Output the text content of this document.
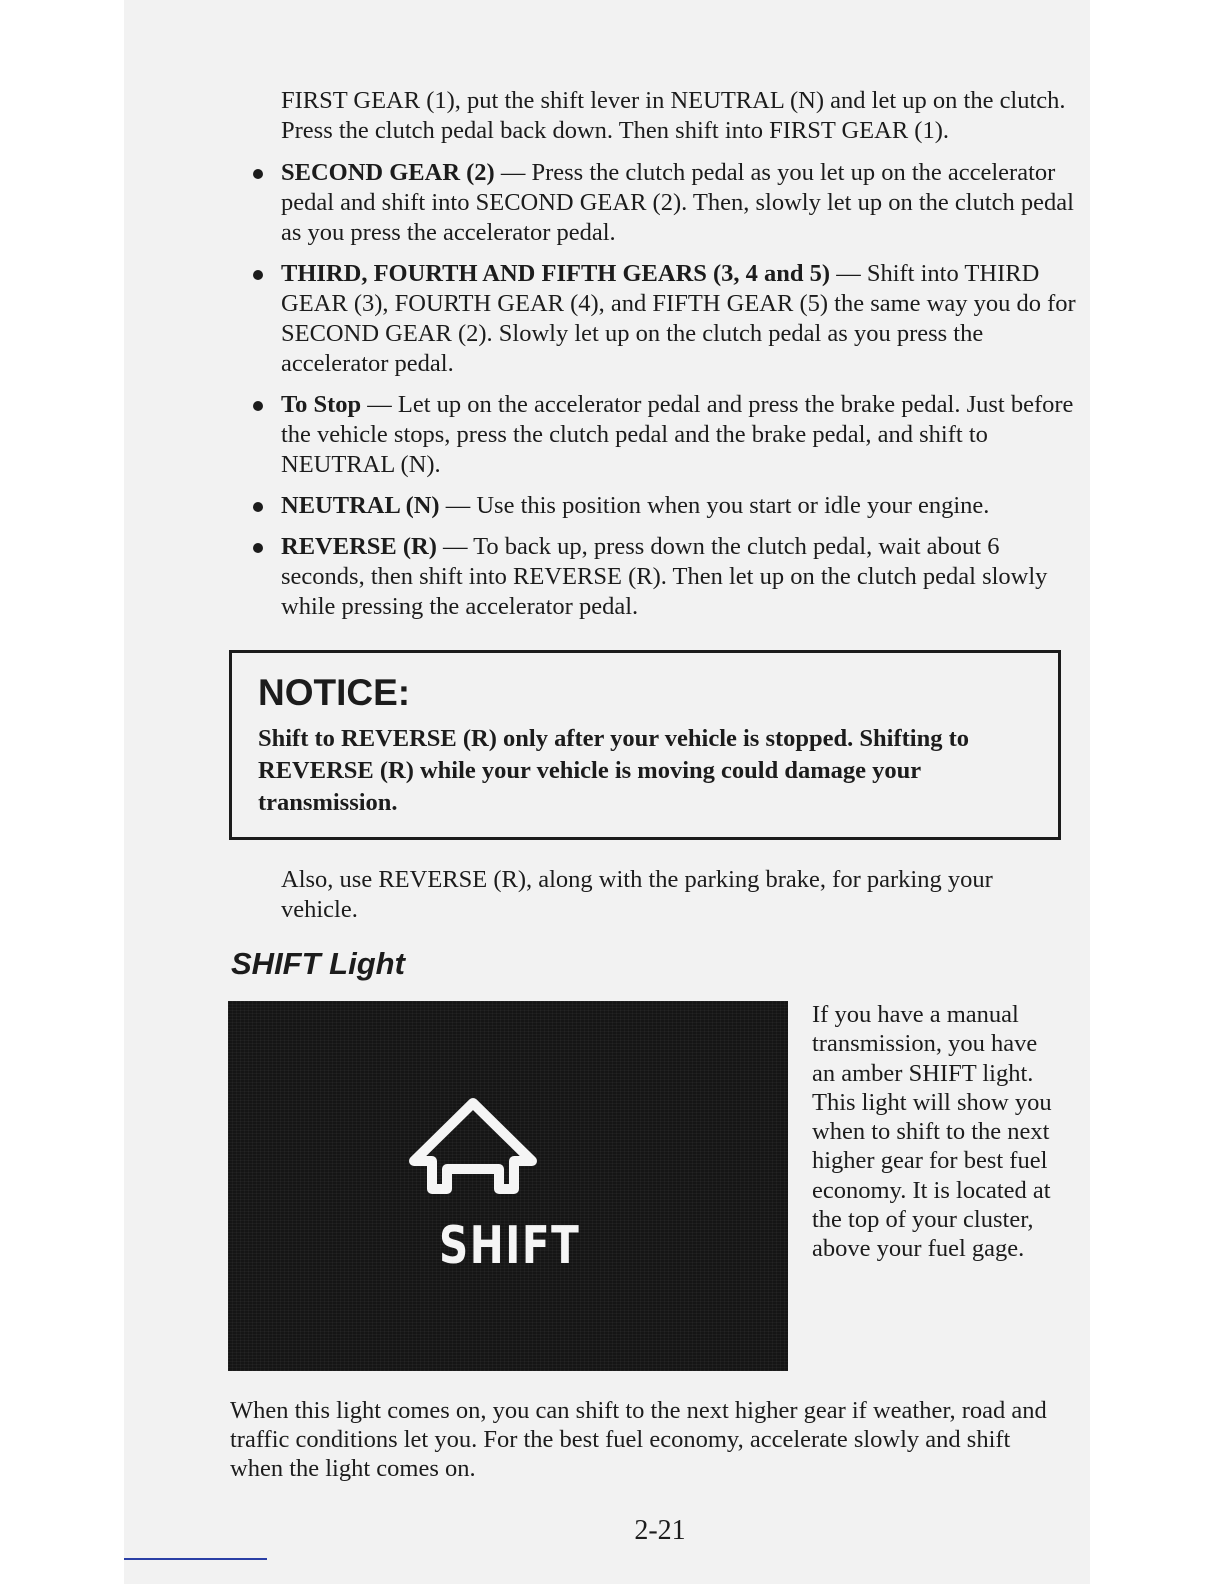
FIRST GEAR (1), put the shift lever in NEUTRAL (N) and let up on the clutch. Press the clutch pedal back down. Then shift into FIRST GEAR (1).

SECOND GEAR (2) — Press the clutch pedal as you let up on the accelerator pedal and shift into SECOND GEAR (2). Then, slowly let up on the clutch pedal as you press the accelerator pedal.
THIRD, FOURTH AND FIFTH GEARS (3, 4 and 5) — Shift into THIRD GEAR (3), FOURTH GEAR (4), and FIFTH GEAR (5) the same way you do for SECOND GEAR (2). Slowly let up on the clutch pedal as you press the accelerator pedal.
To Stop — Let up on the accelerator pedal and press the brake pedal. Just before the vehicle stops, press the clutch pedal and the brake pedal, and shift to NEUTRAL (N).
NEUTRAL (N) — Use this position when you start or idle your engine.
REVERSE (R) — To back up, press down the clutch pedal, wait about 6 seconds, then shift into REVERSE (R). Then let up on the clutch pedal slowly while pressing the accelerator pedal.
NOTICE:

Shift to REVERSE (R) only after your vehicle is stopped. Shifting to REVERSE (R) while your vehicle is moving could damage your transmission.

Also, use REVERSE (R), along with the parking brake, for parking your vehicle.

SHIFT Light
SHIFT

If you have a manual transmission, you have an amber SHIFT light. This light will show you when to shift to the next higher gear for best fuel economy. It is located at the top of your cluster, above your fuel gage.

When this light comes on, you can shift to the next higher gear if weather, road and traffic conditions let you. For the best fuel economy, accelerate slowly and shift when the light comes on.

2-21
